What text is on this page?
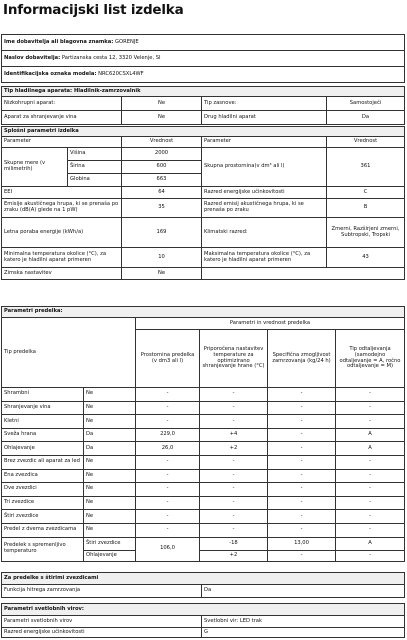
Informacijski list izdelka
Ime dobavitelja ali blagovna znamka: GORENJE
Naslov dobavitelja: Partizanska cesta 12, 3320 Velenje, SI
Identifikacijska oznaka modela: NRC620CSXL4WF
Tip hladilnega aparata: Hladilnik-zamrzovalnik			
Nizkohrupni aparat:	Ne	Tip zasnove:	Samostoječi
Aparat za shranjevanje vina	Ne	Drug hladilni aparat	Da
Splošni parametri izdelka				
Parameter		Vrednost	Parameter	Vrednost
Skupne mere (v milimetrih)	Višina	2000	Skupna prostornina(v dm³ ali l)	361
	Širina	600		
	Globina	663		
EEI		64	Razred energijske učinkovitosti	C
Emisije akustičnega hrupa, ki se prenaša po zraku (dB(A) glede na 1 pW)		35	Razred emisij akustičnega hrupa, ki se prenaša po zraku	B
Letna poraba energije (kWh/a)		169	Klimatski razred:	Zmerni, Razširjeni zmerni, Subtropski, Tropski
Minimalna temperatura okolice (°C), za katero je hladilni aparat primeren		10	Maksimalna temperatura okolice (°C), za katero je hladilni aparat primeren	43
Zimska nastavitev		Ne		
Parametri predelka:					
Tip predelka		Parametri in vrednost predelka			
		Prostornina predelka (v dm3 ali l)	Priporočena nastavitev temperature za optimizirano shranjevanje hrane (°C)	Specifična zmogljivost zamrzovanja (kg/24 h)	Tip odtaljevanja (samodejno odtaljevanje = A, ročno odtaljevanje = M)
Shrambni	Ne	-	-	-	-
Shranjevanje vina	Ne	-	-	-	-
Kletni	Ne	-	-	-	-
Sveža hrana	Da	229,0	+4	-	A
Ohlajevanje	Da	26,0	+2	-	A
Brez zvezdic ali aparat za led	Ne	-	-	-	-
Ena zvezdica	Ne	-	-	-	-
Dve zvezdici	Ne	-	-	-	-
Tri zvezdice	Ne	-	-	-	-
Štiri zvezdice	Ne	-	-	-	-
Predel z dvema zvezdicama	Ne	-	-	-	-
Predelek s spremenljivo temperaturo	Štiri zvezdice	106,0	-18	13,00	A
	Ohlajevanje		+2	-	-
Za predelke s štirimi zvezdicami
Funkcija hitrega zamrzovanja	Da
Parametri svetlobnih virov:	
Parametri svetlobnih virov	Svetlobni vir: LED trak
Razred energijske učinkovitosti	G
